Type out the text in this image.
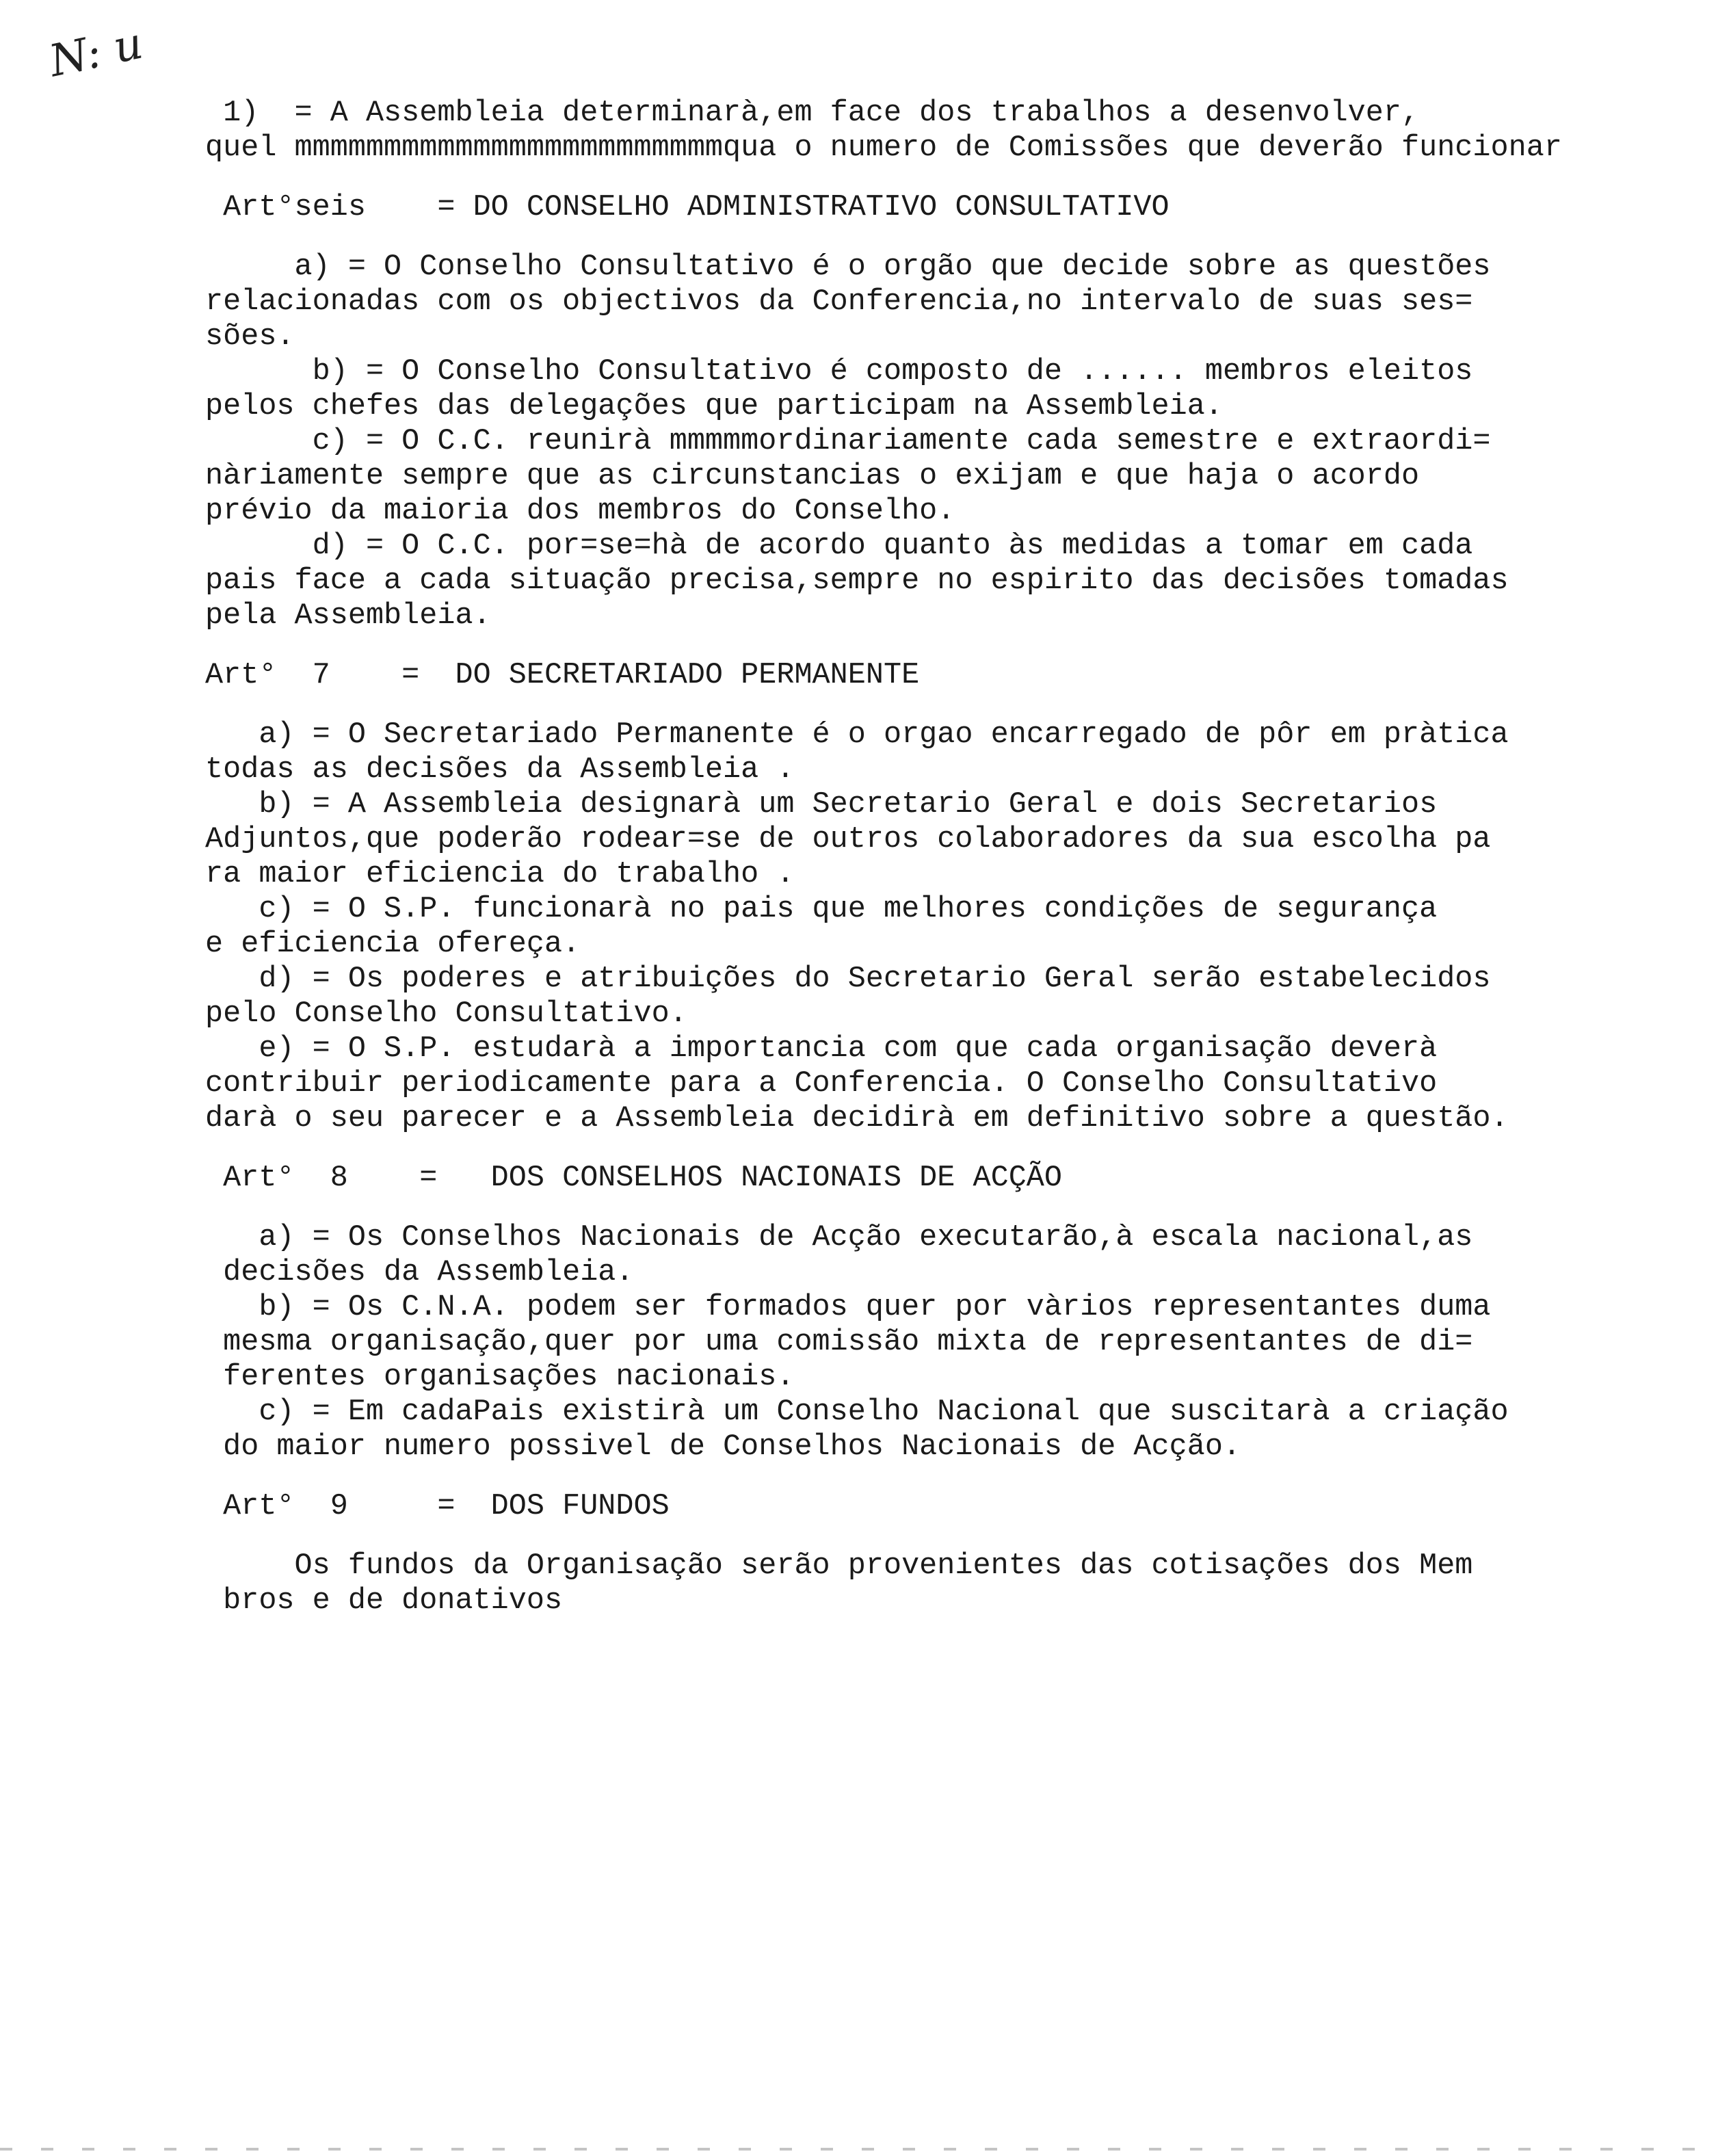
N: u
1)  = A Assembleia determinarà,em face dos trabalhos a desenvolver,
quel mmmmmmmmmmmmmmmmmmmmmmmmqua o numero de Comissões que deverão funcionar
Art°seis    = DO CONSELHO ADMINISTRATIVO CONSULTATIVO
a) = O Conselho Consultativo é o orgão que decide sobre as questões
relacionadas com os objectivos da Conferencia,no intervalo de suas ses=
sões.
b) = O Conselho Consultativo é composto de ...... membros eleitos
pelos chefes das delegações que participam na Assembleia.
c) = O C.C. reunirà mmmmmordinariamente cada semestre e extraordi=
nàriamente sempre que as circunstancias o exijam e que haja o acordo
prévio da maioria dos membros do Conselho.
d) = O C.C. por=se=hà de acordo quanto às medidas a tomar em cada
pais face a cada situação precisa,sempre no espirito das decisões tomadas
pela Assembleia.
Art°  7    =  DO SECRETARIADO PERMANENTE
a) = O Secretariado Permanente é o orgao encarregado de pôr em pràtica
todas as decisões da Assembleia .
b) = A Assembleia designarà um Secretario Geral e dois Secretarios
Adjuntos,que poderão rodear=se de outros colaboradores da sua escolha pa
ra maior eficiencia do trabalho .
c) = O S.P. funcionarà no pais que melhores condições de segurança
e eficiencia ofereça.
d) = Os poderes e atribuições do Secretario Geral serão estabelecidos
pelo Conselho Consultativo.
e) = O S.P. estudarà a importancia com que cada organisação deverà
contribuir periodicamente para a Conferencia. O Conselho Consultativo
darà o seu parecer e a Assembleia decidirà em definitivo sobre a questão.
Art°  8    =   DOS CONSELHOS NACIONAIS DE ACÇÃO
a) = Os Conselhos Nacionais de Acção executarão,à escala nacional,as
decisões da Assembleia.
b) = Os C.N.A. podem ser formados quer por vàrios representantes duma
mesma organisação,quer por uma comissão mixta de representantes de di=
ferentes organisações nacionais.
c) = Em cadaPais existirà um Conselho Nacional que suscitarà a criação
do maior numero possivel de Conselhos Nacionais de Acção.
Art°  9     =  DOS FUNDOS
Os fundos da Organisação serão provenientes das cotisações dos Mem
bros e de donativos
